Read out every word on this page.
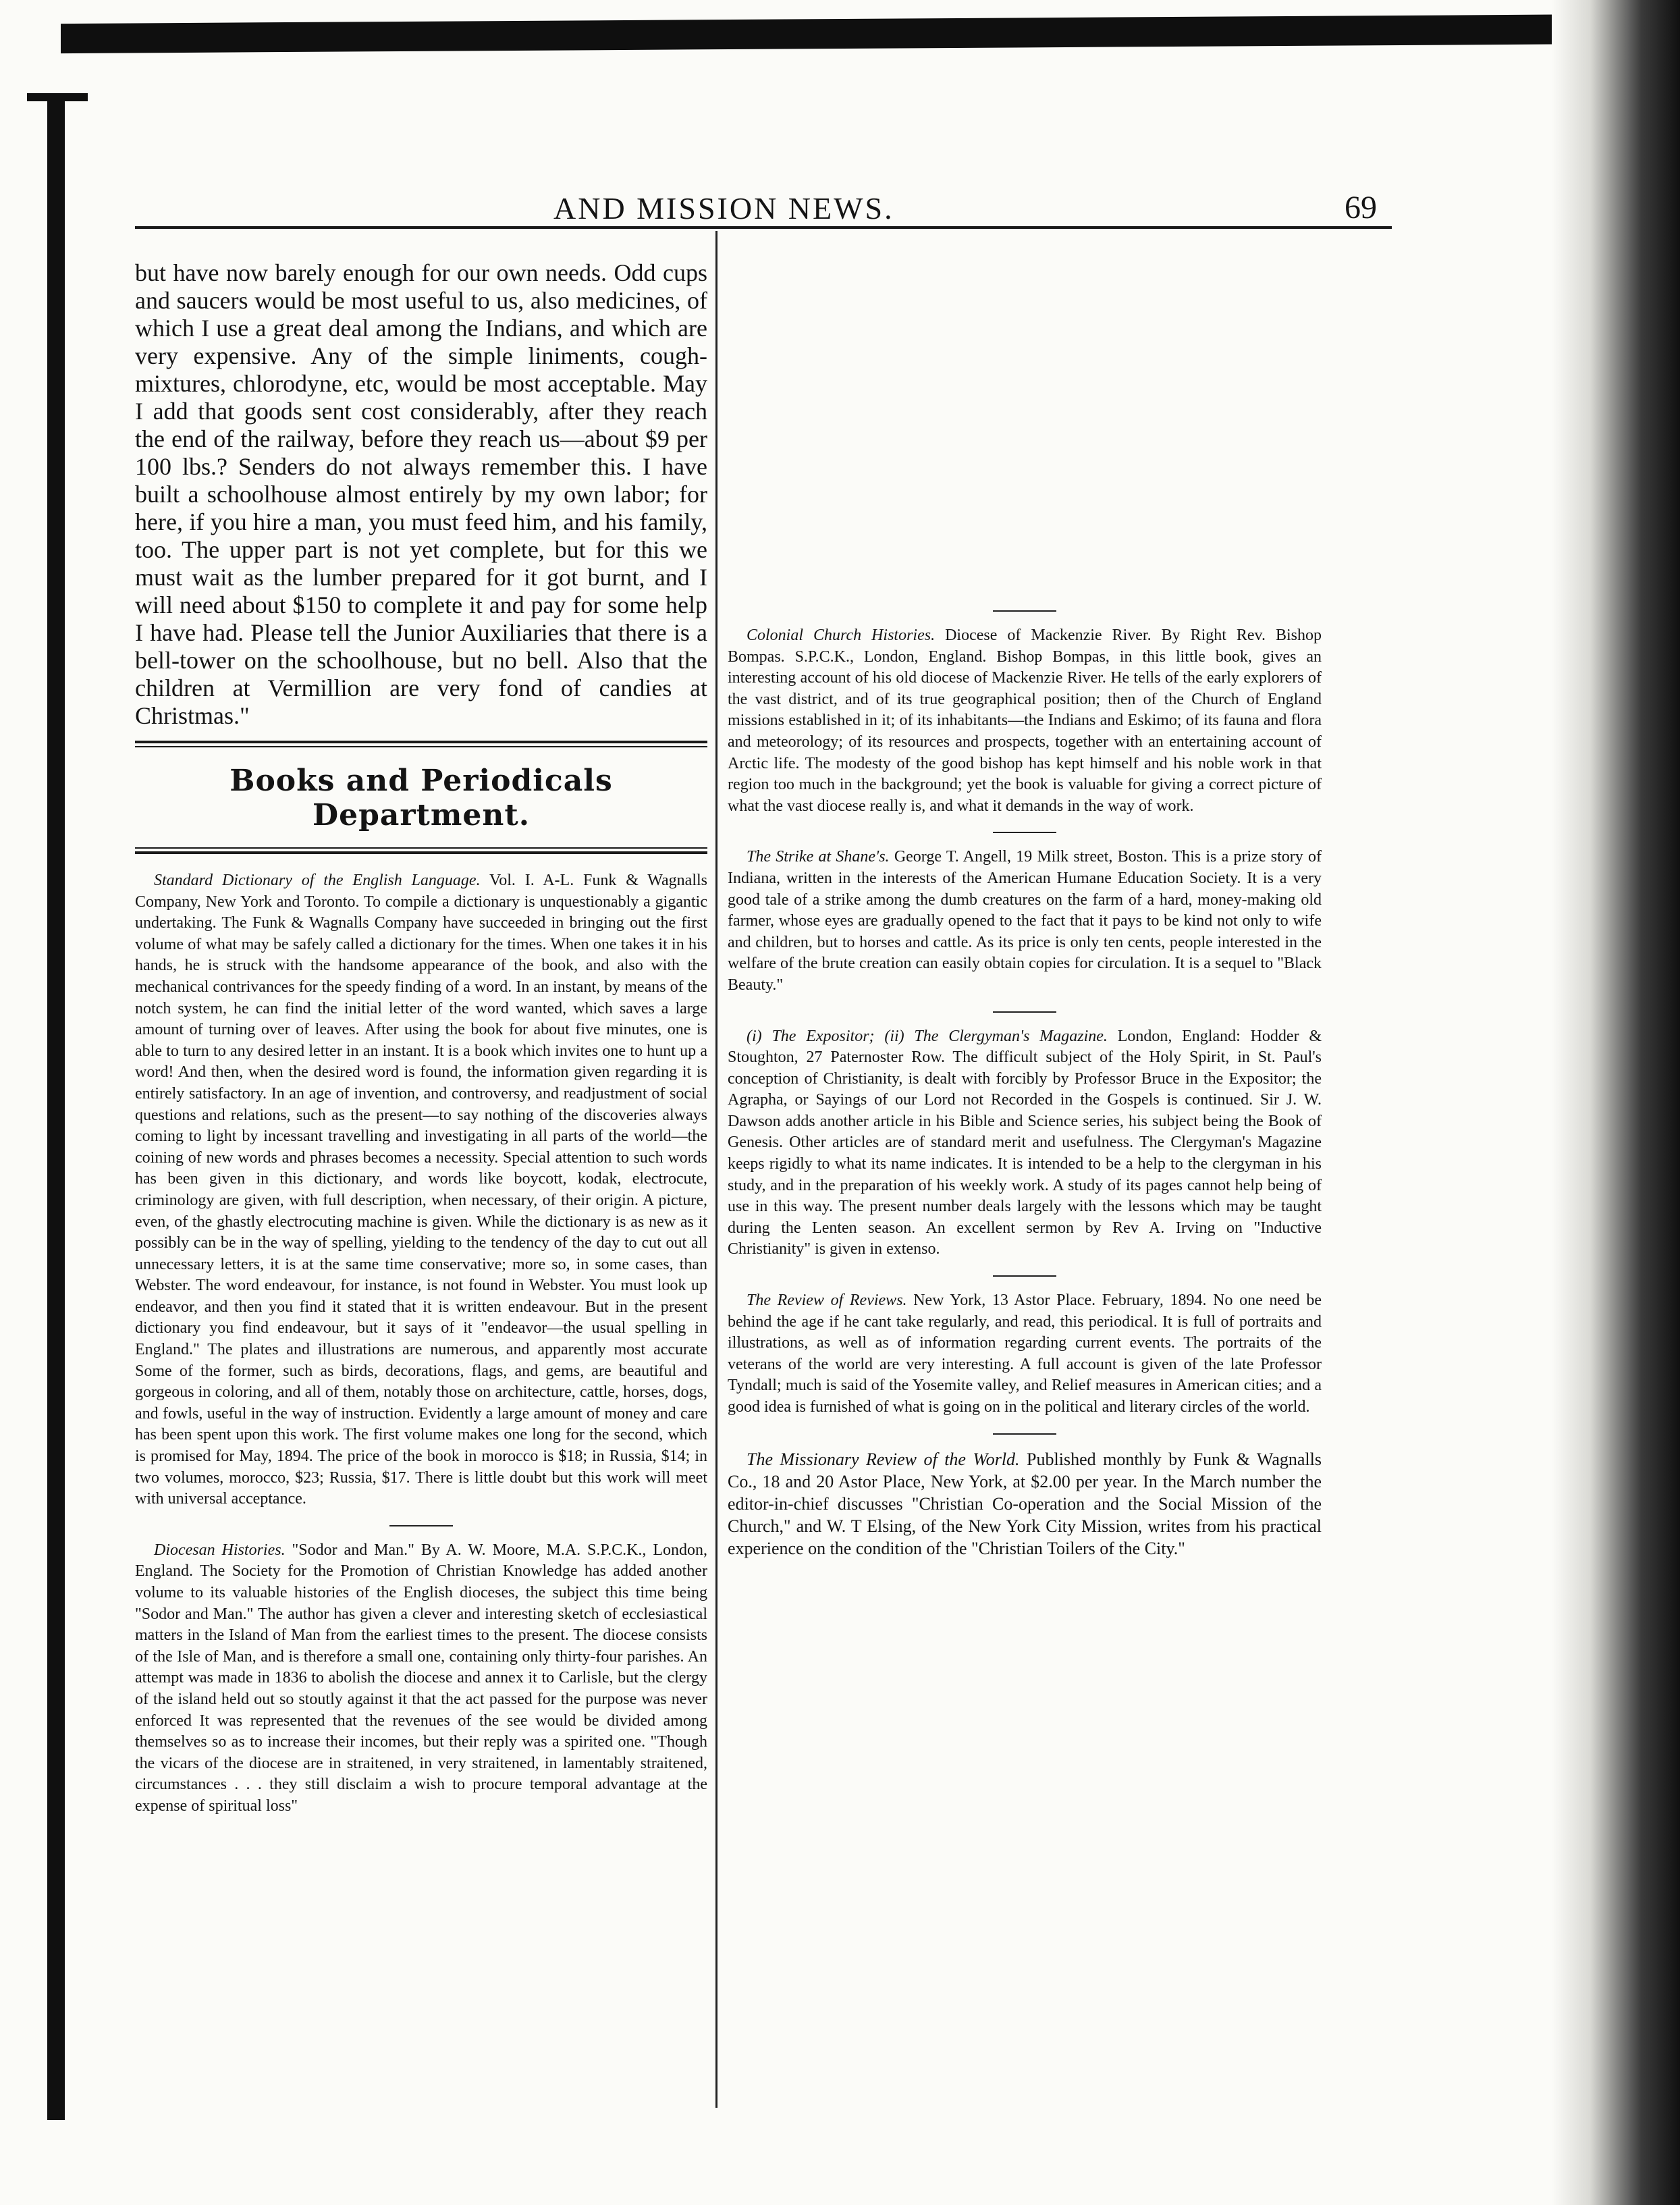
AND MISSION NEWS.	69

but have now barely enough for our own needs. Odd cups and saucers would be most useful to us, also medicines, of which I use a great deal among the Indians, and which are very expensive. Any of the simple liniments, cough-mixtures, chlorodyne, etc, would be most acceptable. May I add that goods sent cost considerably, after they reach the end of the railway, before they reach us—about $9 per 100 lbs.? Senders do not always remember this. I have built a schoolhouse almost entirely by my own labor; for here, if you hire a man, you must feed him, and his family, too. The upper part is not yet complete, but for this we must wait as the lumber prepared for it got burnt, and I will need about $150 to complete it and pay for some help I have had. Please tell the Junior Auxiliaries that there is a bell-tower on the schoolhouse, but no bell. Also that the children at Vermillion are very fond of candies at Christmas."

Books and Periodicals Department.

Standard Dictionary of the English Language. Vol. I. A-L. Funk & Wagnalls Company, New York and Toronto. To compile a dictionary is unquestionably a gigantic undertaking. The Funk & Wagnalls Company have succeeded in bringing out the first volume of what may be safely called a dictionary for the times. When one takes it in his hands, he is struck with the handsome appearance of the book, and also with the mechanical contrivances for the speedy finding of a word. In an instant, by means of the notch system, he can find the initial letter of the word wanted, which saves a large amount of turning over of leaves. After using the book for about five minutes, one is able to turn to any desired letter in an instant. It is a book which invites one to hunt up a word! And then, when the desired word is found, the information given regarding it is entirely satisfactory. In an age of invention, and controversy, and readjustment of social questions and relations, such as the present—to say nothing of the discoveries always coming to light by incessant travelling and investigating in all parts of the world—the coining of new words and phrases becomes a necessity. Special attention to such words has been given in this dictionary, and words like boycott, kodak, electrocute, criminology are given, with full description, when necessary, of their origin. A picture, even, of the ghastly electrocuting machine is given. While the dictionary is as new as it possibly can be in the way of spelling, yielding to the tendency of the day to cut out all unnecessary letters, it is at the same time conservative; more so, in some cases, than Webster. The word endeavour, for instance, is not found in Webster. You must look up endeavor, and then you find it stated that it is written endeavour. But in the present dictionary you find endeavour, but it says of it "endeavor—the usual spelling in England." The plates and illustrations are numerous, and apparently most accurate Some of the former, such as birds, decorations, flags, and gems, are beautiful and gorgeous in coloring, and all of them, notably those on architecture, cattle, horses, dogs, and fowls, useful in the way of instruction. Evidently a large amount of money and care has been spent upon this work. The first volume makes one long for the second, which is promised for May, 1894. The price of the book in morocco is $18; in Russia, $14; in two volumes, morocco, $23; Russia, $17. There is little doubt but this work will meet with universal acceptance.

Diocesan Histories. "Sodor and Man." By A. W. Moore, M.A. S.P.C.K., London, England. The Society for the Promotion of Christian Knowledge has added another volume to its valuable histories of the English dioceses, the subject this time being "Sodor and Man." The author has given a clever and interesting sketch of ecclesiastical matters in the Island of Man from the earliest times to the present. The diocese consists of the Isle of Man, and is therefore a small one, containing only thirty-four parishes. An attempt was made in 1836 to abolish the diocese and annex it to Carlisle, but the clergy of the island held out so stoutly against it that the act passed for the purpose was never enforced It was represented that the revenues of the see would be divided among themselves so as to increase their incomes, but their reply was a spirited one. "Though the vicars of the diocese are in straitened, in very straitened, in lamentably straitened, circumstances . . . they still disclaim a wish to procure temporal advantage at the expense of spiritual loss"

Colonial Church Histories. Diocese of Mackenzie River. By Right Rev. Bishop Bompas. S.P.C.K., London, England. Bishop Bompas, in this little book, gives an interesting account of his old diocese of Mackenzie River. He tells of the early explorers of the vast district, and of its true geographical position; then of the Church of England missions established in it; of its inhabitants—the Indians and Eskimo; of its fauna and flora and meteorology; of its resources and prospects, together with an entertaining account of Arctic life. The modesty of the good bishop has kept himself and his noble work in that region too much in the background; yet the book is valuable for giving a correct picture of what the vast diocese really is, and what it demands in the way of work.

The Strike at Shane's. George T. Angell, 19 Milk street, Boston. This is a prize story of Indiana, written in the interests of the American Humane Education Society. It is a very good tale of a strike among the dumb creatures on the farm of a hard, money-making old farmer, whose eyes are gradually opened to the fact that it pays to be kind not only to wife and children, but to horses and cattle. As its price is only ten cents, people interested in the welfare of the brute creation can easily obtain copies for circulation. It is a sequel to "Black Beauty."

(i) The Expositor; (ii) The Clergyman's Magazine. London, England: Hodder & Stoughton, 27 Paternoster Row. The difficult subject of the Holy Spirit, in St. Paul's conception of Christianity, is dealt with forcibly by Professor Bruce in the Expositor; the Agrapha, or Sayings of our Lord not Recorded in the Gospels is continued. Sir J. W. Dawson adds another article in his Bible and Science series, his subject being the Book of Genesis. Other articles are of standard merit and usefulness. The Clergyman's Magazine keeps rigidly to what its name indicates. It is intended to be a help to the clergyman in his study, and in the preparation of his weekly work. A study of its pages cannot help being of use in this way. The present number deals largely with the lessons which may be taught during the Lenten season. An excellent sermon by Rev A. Irving on "Inductive Christianity" is given in extenso.

The Review of Reviews. New York, 13 Astor Place. February, 1894. No one need be behind the age if he cant take regularly, and read, this periodical. It is full of portraits and illustrations, as well as of information regarding current events. The portraits of the veterans of the world are very interesting. A full account is given of the late Professor Tyndall; much is said of the Yosemite valley, and Relief measures in American cities; and a good idea is furnished of what is going on in the political and literary circles of the world.

The Missionary Review of the World. Published monthly by Funk & Wagnalls Co., 18 and 20 Astor Place, New York, at $2.00 per year. In the March number the editor-in-chief discusses "Christian Co-operation and the Social Mission of the Church," and W. T Elsing, of the New York City Mission, writes from his practical experience on the condition of the "Christian Toilers of the City."
